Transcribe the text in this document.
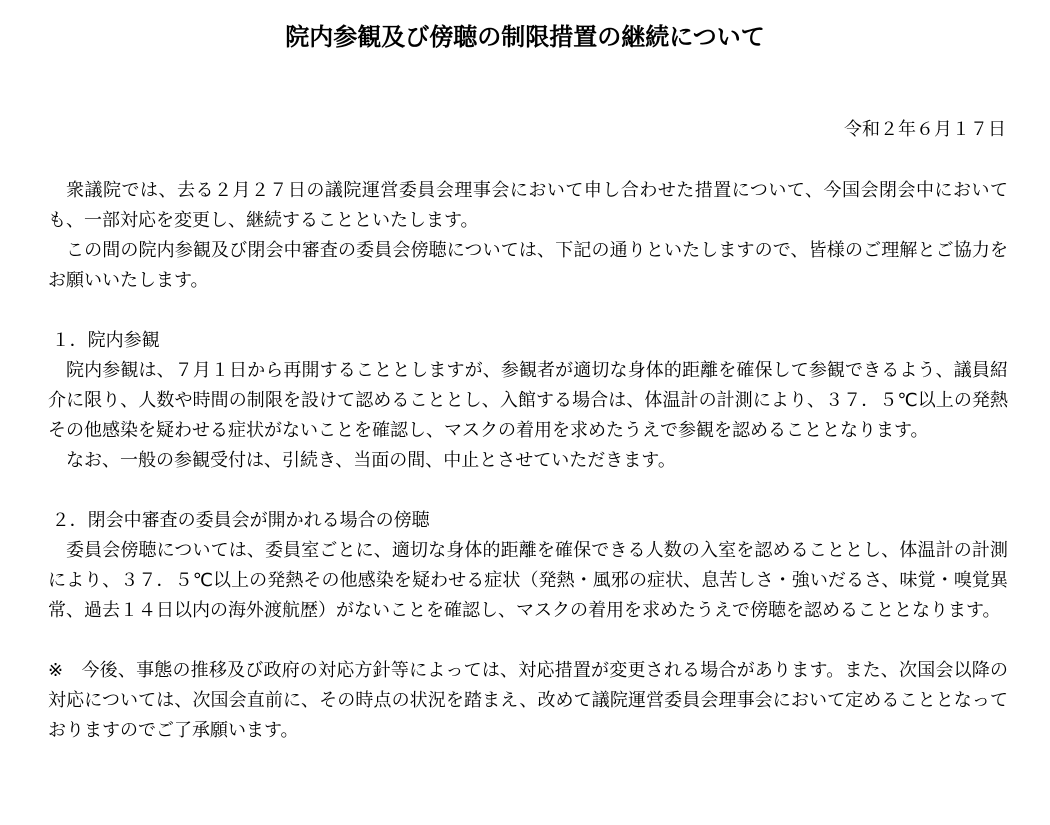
院内参観及び傍聴の制限措置の継続について
令和２年６月１７日

衆議院では、去る２月２７日の議院運営委員会理事会において申し合わせた措置について、今国会閉会中においても、一部対応を変更し、継続することといたします。

この間の院内参観及び閉会中審査の委員会傍聴については、下記の通りといたしますので、皆様のご理解とご協力をお願いいたします。

１．院内参観

院内参観は、７月１日から再開することとしますが、参観者が適切な身体的距離を確保して参観できるよう、議員紹介に限り、人数や時間の制限を設けて認めることとし、入館する場合は、体温計の計測により、３７．５℃以上の発熱その他感染を疑わせる症状がないことを確認し、マスクの着用を求めたうえで参観を認めることとなります。

なお、一般の参観受付は、引続き、当面の間、中止とさせていただきます。

２．閉会中審査の委員会が開かれる場合の傍聴

委員会傍聴については、委員室ごとに、適切な身体的距離を確保できる人数の入室を認めることとし、体温計の計測により、３７．５℃以上の発熱その他感染を疑わせる症状（発熱・風邪の症状、息苦しさ・強いだるさ、味覚・嗅覚異常、過去１４日以内の海外渡航歴）がないことを確認し、マスクの着用を求めたうえで傍聴を認めることとなります。

※　今後、事態の推移及び政府の対応方針等によっては、対応措置が変更される場合があります。また、次国会以降の対応については、次国会直前に、その時点の状況を踏まえ、改めて議院運営委員会理事会において定めることとなっておりますのでご了承願います。
